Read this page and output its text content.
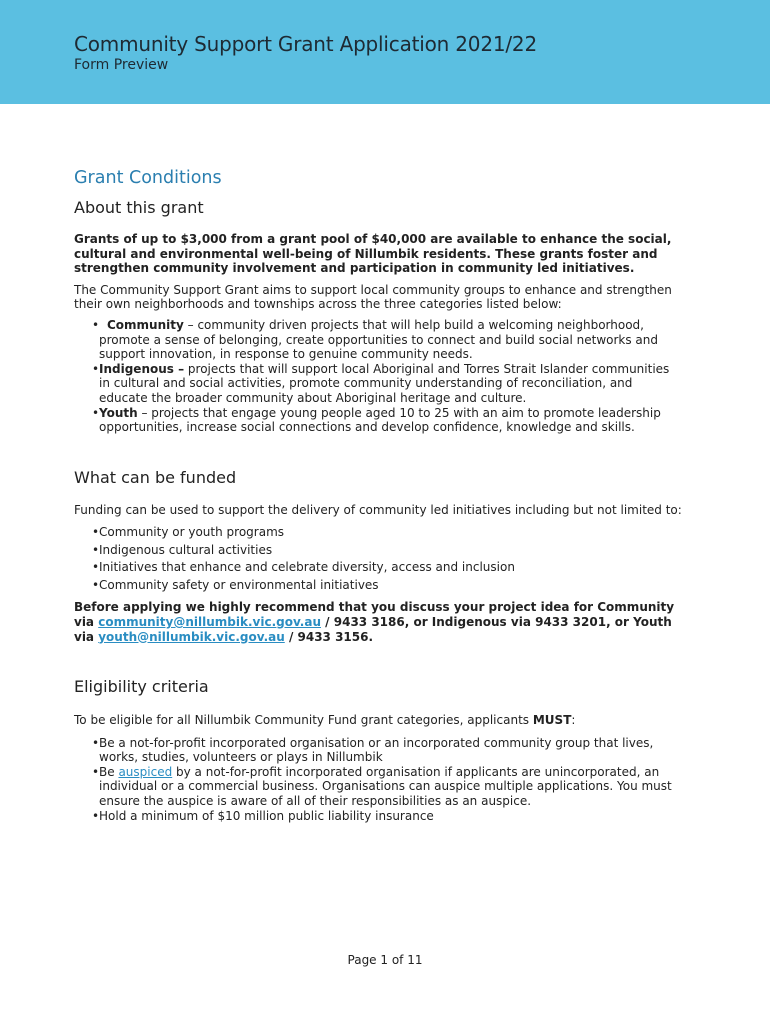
Community Support Grant Application 2021/22
Form Preview
Grant Conditions
About this grant

Grants of up to $3,000 from a grant pool of $40,000 are available to enhance the social, cultural and environmental well-being of Nillumbik residents. These grants foster and strengthen community involvement and participation in community led initiatives.

The Community Support Grant aims to support local community groups to enhance and strengthen their own neighborhoods and townships across the three categories listed below:

• Community – community driven projects that will help build a welcoming neighborhood, promote a sense of belonging, create opportunities to connect and build social networks and support innovation, in response to genuine community needs.
• Indigenous – projects that will support local Aboriginal and Torres Strait Islander communities in cultural and social activities, promote community understanding of reconciliation, and educate the broader community about Aboriginal heritage and culture.
• Youth – projects that engage young people aged 10 to 25 with an aim to promote leadership opportunities, increase social connections and develop confidence, knowledge and skills.
What can be funded

Funding can be used to support the delivery of community led initiatives including but not limited to:

• Community or youth programs
• Indigenous cultural activities
• Initiatives that enhance and celebrate diversity, access and inclusion
• Community safety or environmental initiatives

Before applying we highly recommend that you discuss your project idea for Community via community@nillumbik.vic.gov.au / 9433 3186, or Indigenous via 9433 3201, or Youth via youth@nillumbik.vic.gov.au / 9433 3156.

Eligibility criteria

To be eligible for all Nillumbik Community Fund grant categories, applicants MUST:

• Be a not-for-profit incorporated organisation or an incorporated community group that lives, works, studies, volunteers or plays in Nillumbik
• Be auspiced by a not-for-profit incorporated organisation if applicants are unincorporated, an individual or a commercial business. Organisations can auspice multiple applications. You must ensure the auspice is aware of all of their responsibilities as an auspice.
• Hold a minimum of $10 million public liability insurance
Page 1 of 11
